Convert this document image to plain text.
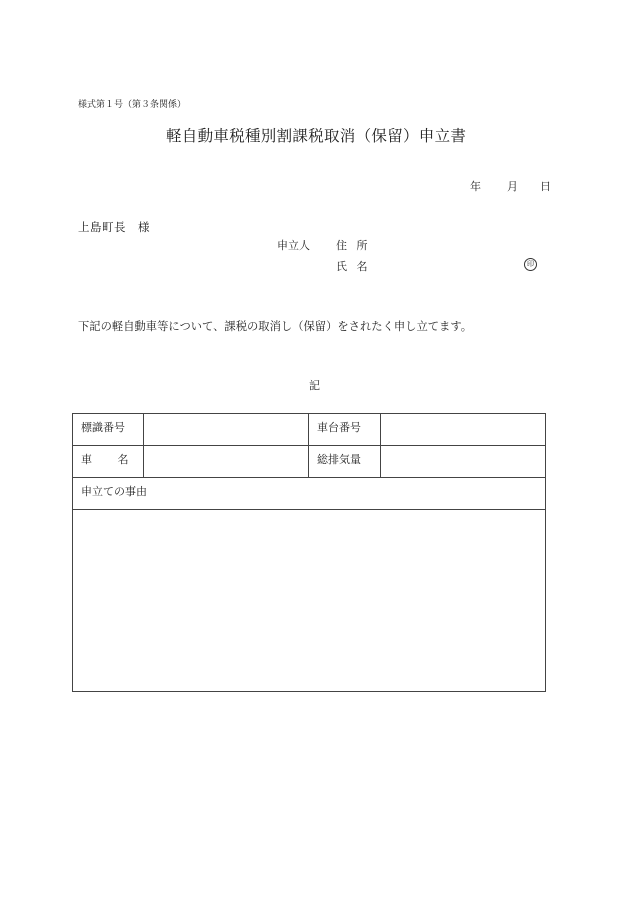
様式第１号（第３条関係）
軽自動車税種別割課税取消（保留）申立書
年 月 日
上島町長　様
申立人 住 所
氏 名	印
下記の軽自動車等について、課税の取消し（保留）をされたく申し立てます。
記
標識番号		車台番号	
車 名		総排気量	
申立ての事由			
